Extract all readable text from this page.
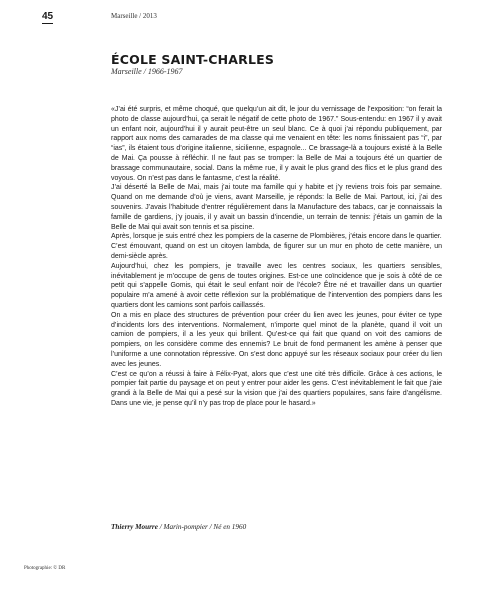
45	Marseille / 2013
ÉCOLE SAINT-CHARLES
Marseille / 1966-1967

«J’ai été surpris, et même choqué, que quelqu’un ait dit, le jour du vernissage de l’exposition: “on ferait la photo de classe aujourd’hui, ça serait le négatif de cette photo de 1967.” Sous-entendu: en 1967 il y avait un enfant noir, aujourd’hui il y aurait peut-être un seul blanc. Ce à quoi j’ai répondu publiquement, par rapport aux noms des camarades de ma classe qui me venaient en tête: les noms finissaient pas “i”, par “ias”, ils étaient tous d’origine italienne, sicilienne, espagnole... Ce brassage-là a toujours existé à la Belle de Mai. Ça pousse à réfléchir. Il ne faut pas se tromper: la Belle de Mai a toujours été un quartier de brassage communautaire, social. Dans la même rue, il y avait le plus grand des flics et le plus grand des voyous. On n’est pas dans le fantasme, c’est la réalité.

J’ai déserté la Belle de Mai, mais j’ai toute ma famille qui y habite et j’y reviens trois fois par semaine. Quand on me demande d’où je viens, avant Marseille, je réponds: la Belle de Mai. Partout, ici, j’ai des souvenirs. J’avais l’habitude d’entrer régulièrement dans la Manufacture des tabacs, car je connaissais la famille de gardiens, j’y jouais, il y avait un bassin d’incendie, un terrain de tennis: j’étais un gamin de la Belle de Mai qui avait son tennis et sa piscine.

Après, lorsque je suis entré chez les pompiers de la caserne de Plombières, j’étais encore dans le quartier.

C’est émouvant, quand on est un citoyen lambda, de figurer sur un mur en photo de cette manière, un demi-siècle après.

Aujourd’hui, chez les pompiers, je travaille avec les centres sociaux, les quartiers sensibles, inévitablement je m’occupe de gens de toutes origines. Est-ce une coïncidence que je sois à côté de ce petit qui s’appelle Gomis, qui était le seul enfant noir de l’école? Être né et travailler dans un quartier populaire m’a amené à avoir cette réflexion sur la problématique de l’intervention des pompiers dans les quartiers dont les camions sont parfois caillassés.

On a mis en place des structures de prévention pour créer du lien avec les jeunes, pour éviter ce type d’incidents lors des interventions. Normalement, n’importe quel minot de la planète, quand il voit un camion de pompiers, il a les yeux qui brillent. Qu’est-ce qui fait que quand on voit des camions de pompiers, on les considère comme des ennemis? Le bruit de fond permanent les amène à penser que l’uniforme a une connotation répressive. On s’est donc appuyé sur les réseaux sociaux pour créer du lien avec les jeunes.

C’est ce qu’on a réussi à faire à Félix-Pyat, alors que c’est une cité très difficile. Grâce à ces actions, le pompier fait partie du paysage et on peut y entrer pour aider les gens. C’est inévitablement le fait que j’aie grandi à la Belle de Mai qui a pesé sur la vision que j’ai des quartiers populaires, sans faire d’angélisme. Dans une vie, je pense qu’il n’y pas trop de place pour le hasard.»

Thierry Mourre / Marin-pompier / Né en 1960
Photographie: © DR
